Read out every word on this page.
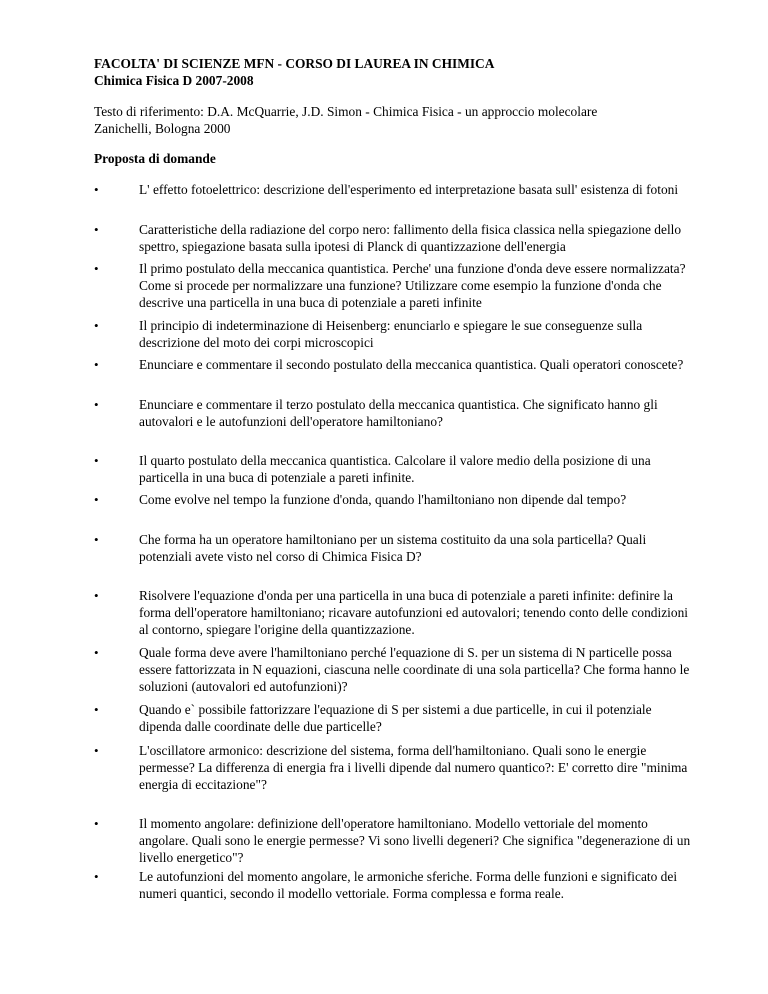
FACOLTA' DI SCIENZE MFN - CORSO DI LAUREA IN CHIMICA
Chimica Fisica D 2007-2008
Testo di riferimento: D.A. McQuarrie, J.D. Simon - Chimica Fisica - un approccio molecolare
Zanichelli, Bologna 2000
Proposta di domande
•	L' effetto fotoelettrico: descrizione dell'esperimento ed interpretazione basata sull' esistenza di fotoni
•	Caratteristiche della radiazione del corpo nero: fallimento della fisica classica nella spiegazione dello
spettro, spiegazione basata sulla ipotesi di Planck di quantizzazione dell'energia
•	Il primo postulato della meccanica quantistica. Perche' una funzione d'onda deve essere normalizzata?
Come si procede per normalizzare una funzione? Utilizzare come esempio la funzione d'onda che
descrive una particella in una buca di potenziale a pareti infinite
•	Il principio di indeterminazione di Heisenberg: enunciarlo e spiegare le sue conseguenze sulla
descrizione del moto dei corpi microscopici
•	Enunciare e commentare il secondo postulato della meccanica quantistica. Quali operatori conoscete?
•	Enunciare e commentare il terzo postulato della meccanica quantistica. Che significato hanno gli
autovalori e le autofunzioni dell'operatore hamiltoniano?
•	Il quarto postulato della meccanica quantistica. Calcolare il valore medio della posizione di una
particella in una buca di potenziale a pareti infinite.
•	Come evolve nel tempo la funzione d'onda, quando l'hamiltoniano non dipende dal tempo?
•	Che forma ha un operatore hamiltoniano per un sistema costituito da una sola particella? Quali
potenziali avete visto nel corso di Chimica Fisica D?
•	Risolvere l'equazione d'onda per una particella in una buca di potenziale a pareti infinite: definire la
forma dell'operatore hamiltoniano; ricavare autofunzioni ed autovalori; tenendo conto delle condizioni
al contorno, spiegare l'origine della quantizzazione.
•	Quale forma deve avere l'hamiltoniano perché l'equazione di S. per un sistema di N particelle possa
essere fattorizzata in N equazioni, ciascuna nelle coordinate di una sola particella? Che forma hanno le
soluzioni (autovalori ed autofunzioni)?
•	Quando e` possibile fattorizzare l'equazione di S per sistemi a due particelle, in cui il potenziale
dipenda dalle coordinate delle due particelle?
•	L'oscillatore armonico: descrizione del sistema, forma dell'hamiltoniano. Quali sono le energie
permesse? La differenza di energia fra i livelli dipende dal numero quantico?: E' corretto dire "minima
energia di eccitazione"?
•	Il momento angolare: definizione dell'operatore hamiltoniano. Modello vettoriale del momento
angolare. Quali sono le energie permesse? Vi sono livelli degeneri? Che significa "degenerazione di un
livello energetico"?
•	Le autofunzioni del momento angolare, le armoniche sferiche. Forma delle funzioni e significato dei
numeri quantici, secondo il modello vettoriale. Forma complessa e forma reale.
